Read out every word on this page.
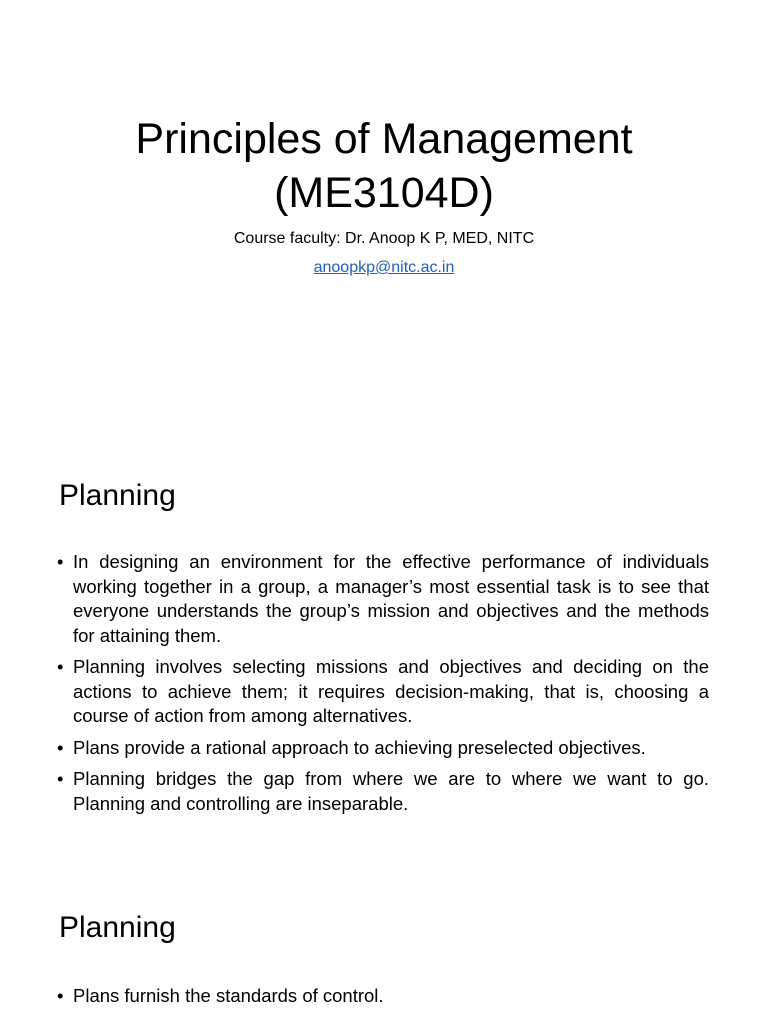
Principles of Management
(ME3104D)

Course faculty: Dr. Anoop K P, MED, NITC

anoopkp@nitc.ac.in
Planning
• In designing an environment for the effective performance of individuals working together in a group, a manager’s most essential task is to see that everyone understands the group’s mission and objectives and the methods for attaining them.
• Planning involves selecting missions and objectives and deciding on the actions to achieve them; it requires decision-making, that is, choosing a course of action from among alternatives.
• Plans provide a rational approach to achieving preselected objectives.
• Planning bridges the gap from where we are to where we want to go. Planning and controlling are inseparable.
Planning
• Plans furnish the standards of control.
